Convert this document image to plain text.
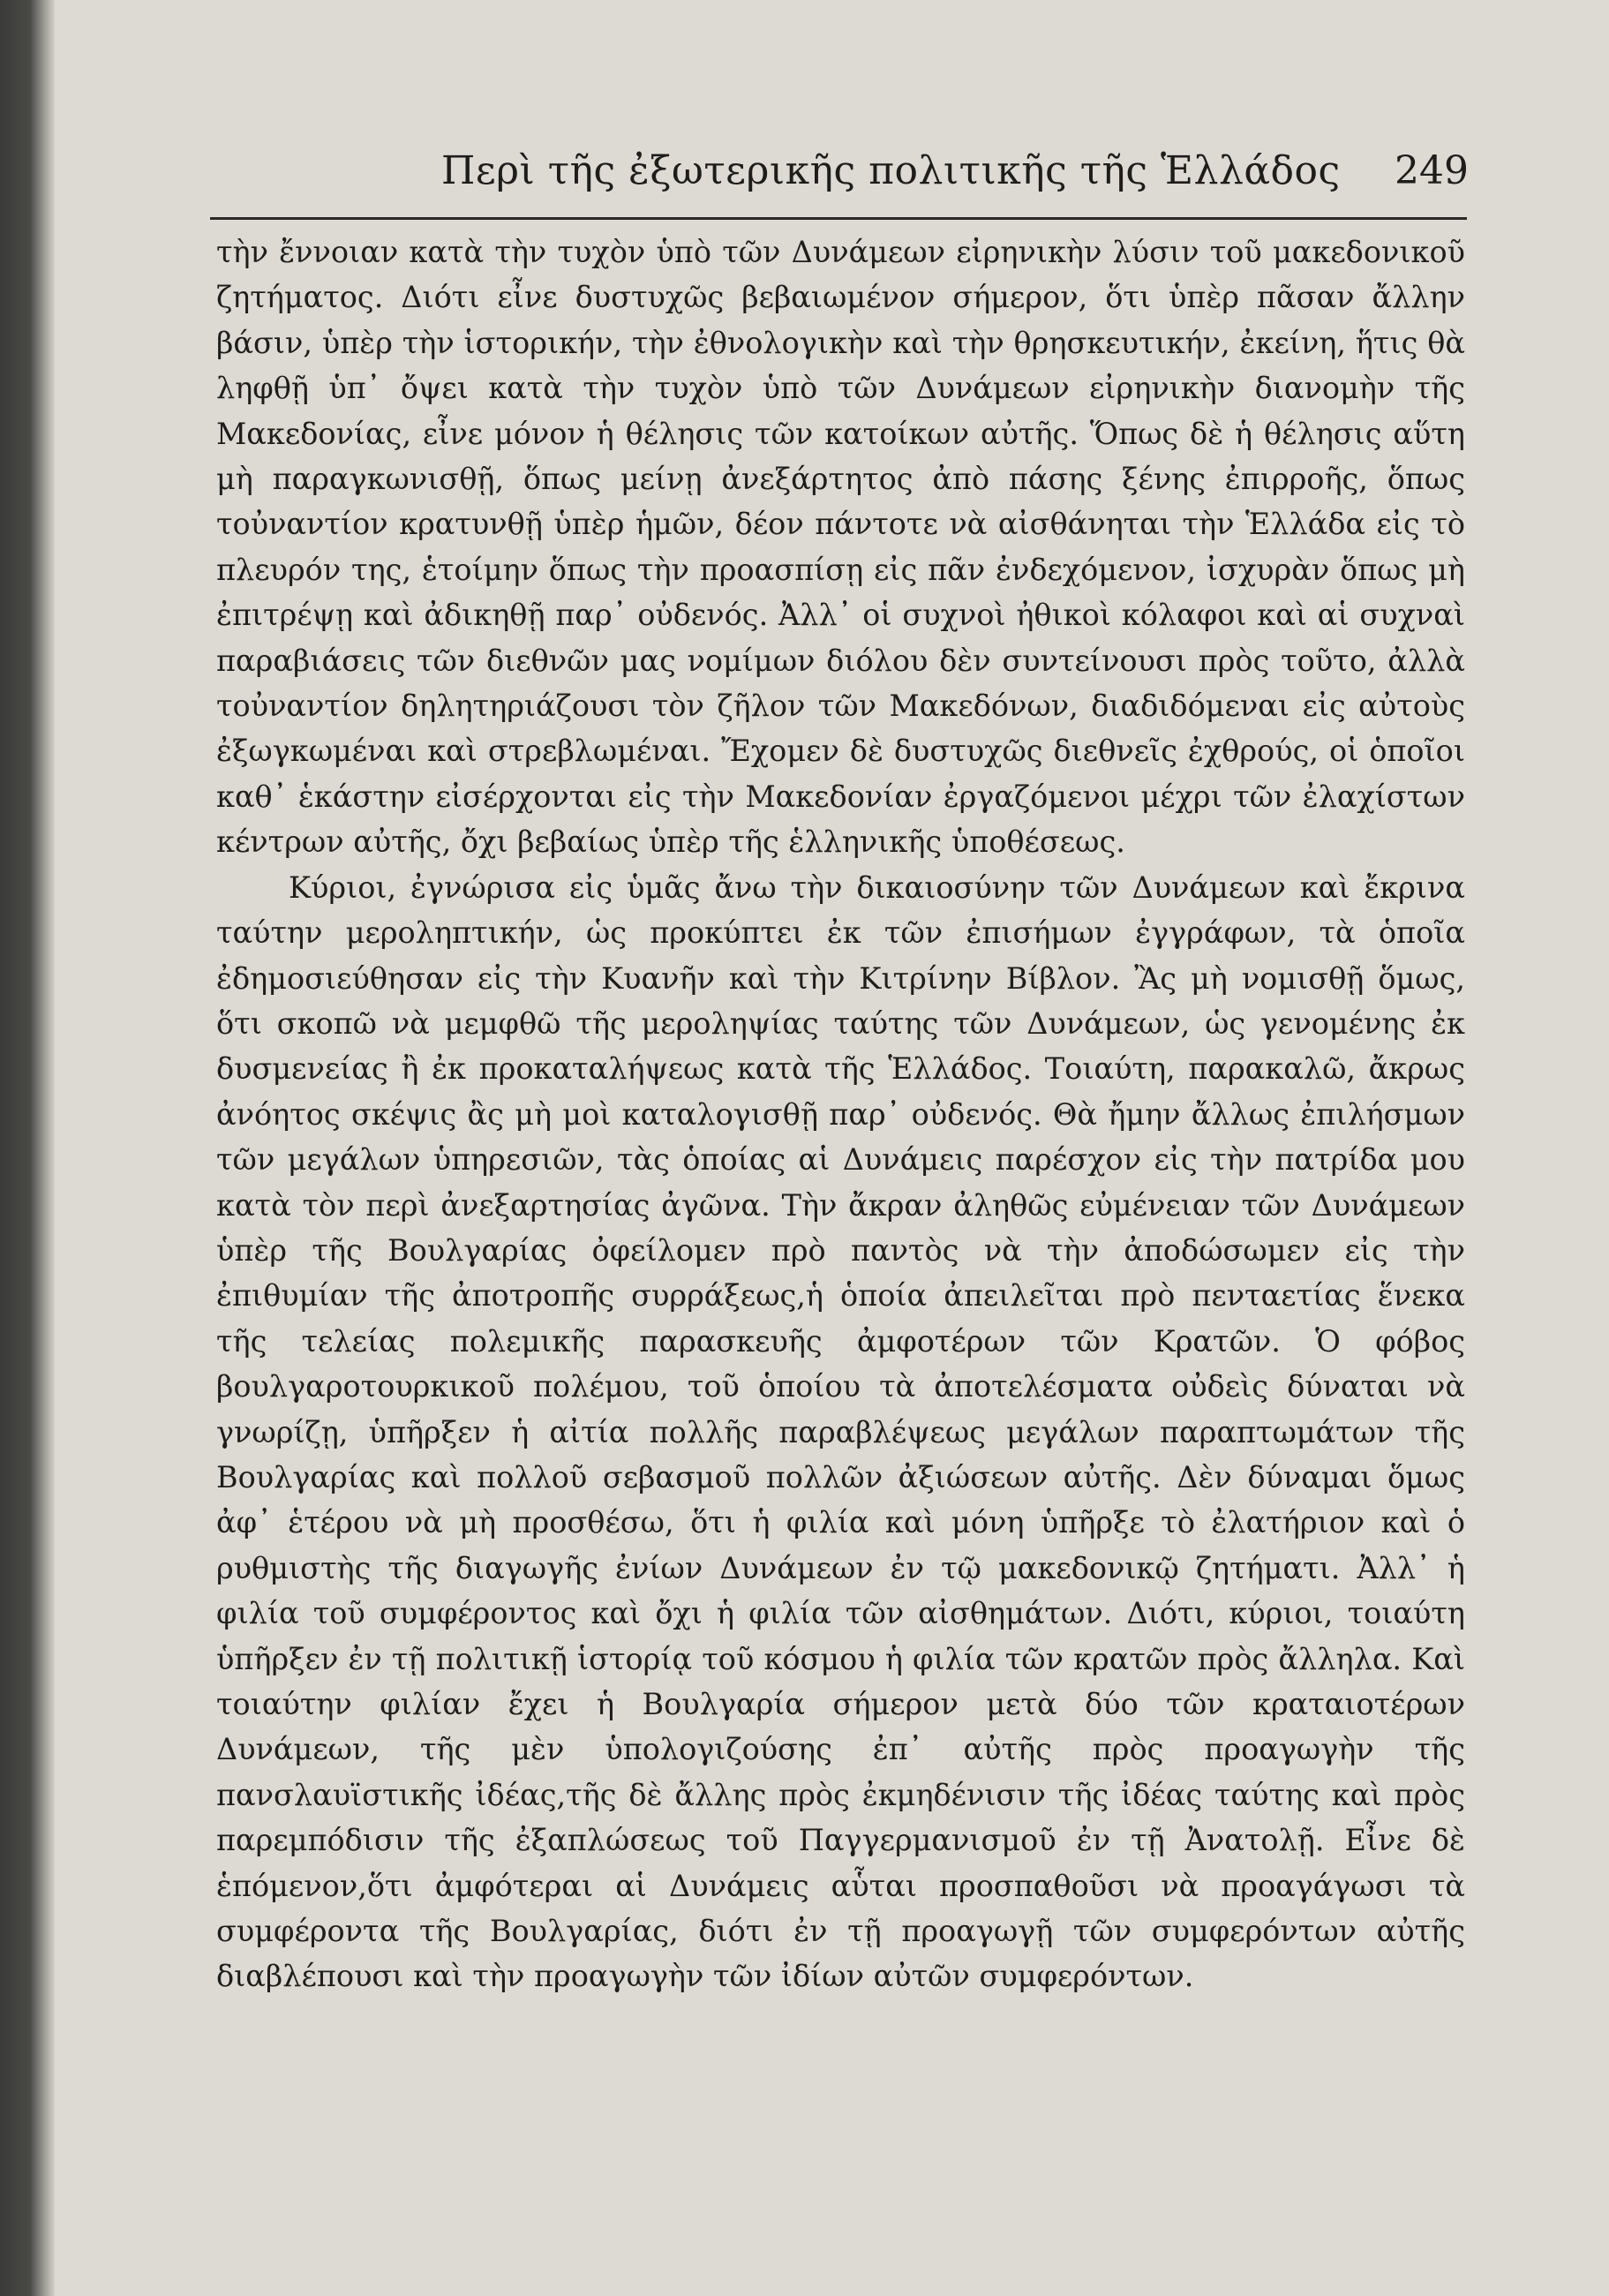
Περὶ τῆς ἐξωτερικῆς πολιτικῆς τῆς Ἑλλάδος 249

τὴν ἔννοιαν κατὰ τὴν τυχὸν ὑπὸ τῶν Δυνάμεων εἰρηνικὴν λύσιν τοῦ μακεδονικοῦ ζητήματος. Διότι εἶνε δυστυχῶς βεβαιωμένον σήμερον, ὅτι ὑπὲρ πᾶσαν ἄλλην βάσιν, ὑπὲρ τὴν ἱστορικήν, τὴν ἐθνολογικὴν καὶ τὴν θρησκευτικήν, ἐκείνη, ἥτις θὰ ληφθῇ ὑπ᾿ ὄψει κατὰ τὴν τυχὸν ὑπὸ τῶν Δυνάμεων εἰρηνικὴν διανομὴν τῆς Μακεδονίας, εἶνε μόνον ἡ θέλησις τῶν κατοίκων αὐτῆς. Ὅπως δὲ ἡ θέλησις αὕτη μὴ παραγκωνισθῇ, ὅπως μείνῃ ἀνεξάρτητος ἀπὸ πάσης ξένης ἐπιρροῆς, ὅπως τοὐναντίον κρατυνθῇ ὑπὲρ ἡμῶν, δέον πάντοτε νὰ αἰσθάνηται τὴν Ἑλλάδα εἰς τὸ πλευρόν της, ἑτοίμην ὅπως τὴν προασπίσῃ εἰς πᾶν ἐνδεχόμενον, ἰσχυρὰν ὅπως μὴ ἐπιτρέψῃ καὶ ἀδικηθῇ παρ᾿ οὐδενός. Ἀλλ᾿ οἱ συχνοὶ ἠθικοὶ κόλαφοι καὶ αἱ συχναὶ παραβιάσεις τῶν διεθνῶν μας νομίμων διόλου δὲν συντείνουσι πρὸς τοῦτο, ἀλλὰ τοὐναντίον δηλητηριάζουσι τὸν ζῆλον τῶν Μακεδόνων, διαδιδόμεναι εἰς αὐτοὺς ἐξωγκωμέναι καὶ στρεβλωμέναι. Ἔχομεν δὲ δυστυχῶς διεθνεῖς ἐχθρούς, οἱ ὁποῖοι καθ᾿ ἑκάστην εἰσέρχονται εἰς τὴν Μακεδονίαν ἐργαζόμενοι μέχρι τῶν ἐλαχίστων κέντρων αὐτῆς, ὄχι βεβαίως ὑπὲρ τῆς ἑλληνικῆς ὑποθέσεως.

Κύριοι, ἐγνώρισα εἰς ὑμᾶς ἄνω τὴν δικαιοσύνην τῶν Δυνάμεων καὶ ἔκρινα ταύτην μεροληπτικήν, ὡς προκύπτει ἐκ τῶν ἐπισήμων ἐγγράφων, τὰ ὁποῖα ἐδημοσιεύθησαν εἰς τὴν Κυανῆν καὶ τὴν Κιτρίνην Βίβλον. Ἂς μὴ νομισθῇ ὅμως, ὅτι σκοπῶ νὰ μεμφθῶ τῆς μεροληψίας ταύτης τῶν Δυνάμεων, ὡς γενομένης ἐκ δυσμενείας ἢ ἐκ προκαταλήψεως κατὰ τῆς Ἑλλάδος. Τοιαύτη, παρακαλῶ, ἄκρως ἀνόητος σκέψις ἂς μὴ μοὶ καταλογισθῇ παρ᾿ οὐδενός. Θὰ ἤμην ἄλλως ἐπιλήσμων τῶν μεγάλων ὑπηρεσιῶν, τὰς ὁποίας αἱ Δυνάμεις παρέσχον εἰς τὴν πατρίδα μου κατὰ τὸν περὶ ἀνεξαρτησίας ἀγῶνα. Τὴν ἄκραν ἀληθῶς εὐμένειαν τῶν Δυνάμεων ὑπὲρ τῆς Βουλγαρίας ὀφείλομεν πρὸ παντὸς νὰ τὴν ἀποδώσωμεν εἰς τὴν ἐπιθυμίαν τῆς ἀποτροπῆς συρράξεως,ἡ ὁποία ἀπειλεῖται πρὸ πενταετίας ἕνεκα τῆς τελείας πολεμικῆς παρασκευῆς ἀμφοτέρων τῶν Κρατῶν. Ὁ φόβος βουλγαροτουρκικοῦ πολέμου, τοῦ ὁποίου τὰ ἀποτελέσματα οὐδεὶς δύναται νὰ γνωρίζῃ, ὑπῆρξεν ἡ αἰτία πολλῆς παραβλέψεως μεγάλων παραπτωμάτων τῆς Βουλγαρίας καὶ πολλοῦ σεβασμοῦ πολλῶν ἀξιώσεων αὐτῆς. Δὲν δύναμαι ὅμως ἀφ᾿ ἑτέρου νὰ μὴ προσθέσω, ὅτι ἡ φιλία καὶ μόνη ὑπῆρξε τὸ ἐλατήριον καὶ ὁ ρυθμιστὴς τῆς διαγωγῆς ἐνίων Δυνάμεων ἐν τῷ μακεδονικῷ ζητήματι. Ἀλλ᾿ ἡ φιλία τοῦ συμφέροντος καὶ ὄχι ἡ φιλία τῶν αἰσθημάτων. Διότι, κύριοι, τοιαύτη ὑπῆρξεν ἐν τῇ πολιτικῇ ἱστορίᾳ τοῦ κόσμου ἡ φιλία τῶν κρατῶν πρὸς ἄλληλα. Καὶ τοιαύτην φιλίαν ἔχει ἡ Βουλγαρία σήμερον μετὰ δύο τῶν κραταιοτέρων Δυνάμεων, τῆς μὲν ὑπολογιζούσης ἐπ᾿ αὐτῆς πρὸς προαγωγὴν τῆς πανσλαυϊστικῆς ἰδέας,τῆς δὲ ἄλλης πρὸς ἐκμηδένισιν τῆς ἰδέας ταύτης καὶ πρὸς παρεμπόδισιν τῆς ἐξαπλώσεως τοῦ Παγγερμανισμοῦ ἐν τῇ Ἀνατολῇ. Εἶνε δὲ ἑπόμενον,ὅτι ἀμφότεραι αἱ Δυνάμεις αὗται προσπαθοῦσι νὰ προαγάγωσι τὰ συμφέροντα τῆς Βουλγαρίας, διότι ἐν τῇ προαγωγῇ τῶν συμφερόντων αὐτῆς διαβλέπουσι καὶ τὴν προαγωγὴν τῶν ἰδίων αὐτῶν συμφερόντων.
